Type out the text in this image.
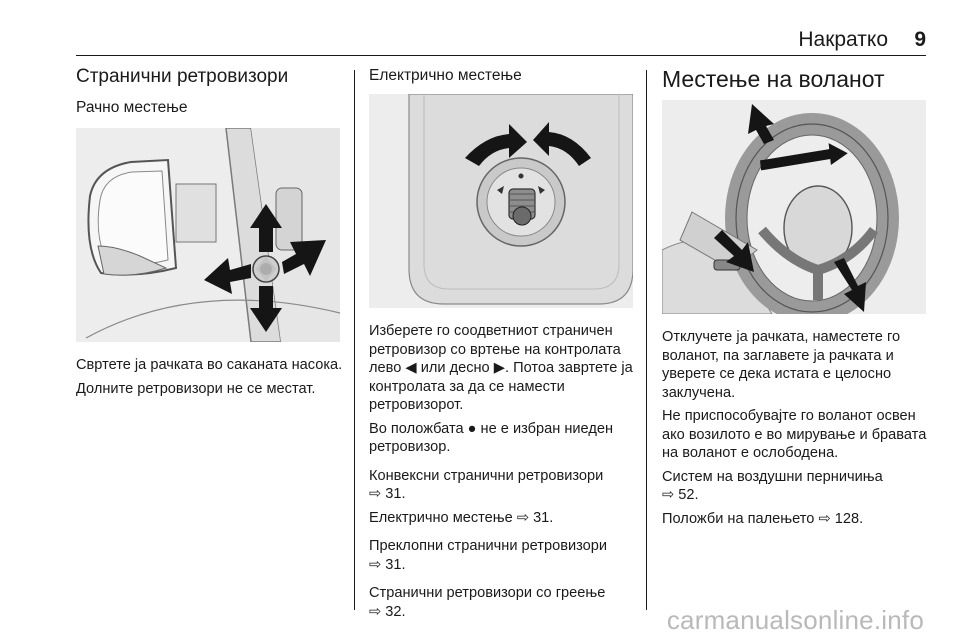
Накратко 9
Странични ретровизори
Рачно местење

Свртете ја рачката во саканата насока.

Долните ретровизори не се местат.

Електрично местење

Изберете го соодветниот страничен ретровизор со вртење на контролата лево ◀ или десно ▶. Потоа завртете ја контролата за да се намести ретровизорот.

Во положбата ● не е избран ниеден ретровизор.

Конвексни странични ретровизори
⇨ 31.

Електрично местење ⇨ 31.

Преклопни странични ретровизори
⇨ 31.

Странични ретровизори со греење
⇨ 32.

Местење на воланот

Отклучете ја рачката, наместете го воланот, па заглавете ја рачката и уверете се дека истата е целосно заклучена.

Не приспособувајте го воланот освен ако возилото е во мирување и бравата на воланот е ослободена.

Систем на воздушни перничиња
⇨ 52.

Положби на палењето ⇨ 128.

carmanualsonline.info
